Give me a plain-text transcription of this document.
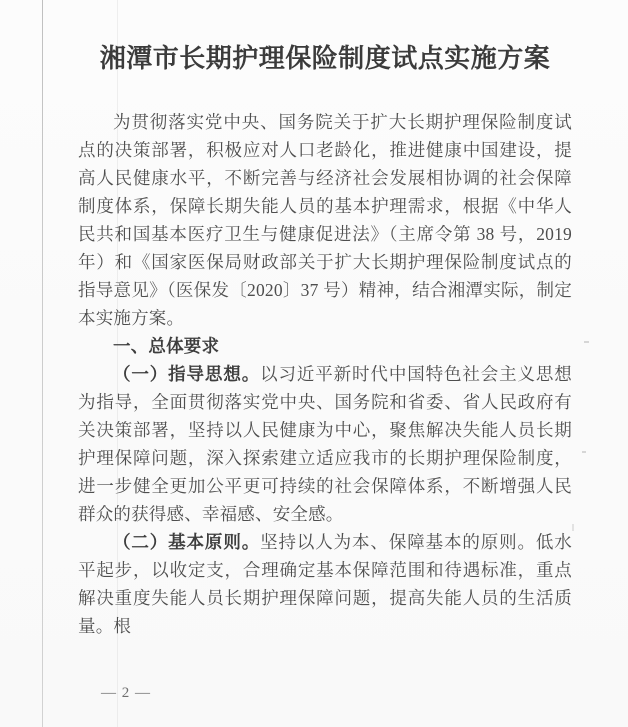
湘潭市长期护理保险制度试点实施方案

为贯彻落实党中央、国务院关于扩大长期护理保险制度试点的决策部署，积极应对人口老龄化，推进健康中国建设，提高人民健康水平，不断完善与经济社会发展相协调的社会保障制度体系，保障长期失能人员的基本护理需求，根据《中华人民共和国基本医疗卫生与健康促进法》（主席令第 38 号，2019 年）和《国家医保局财政部关于扩大长期护理保险制度试点的指导意见》（医保发〔2020〕37 号）精神，结合湘潭实际，制定本实施方案。

一、总体要求

（一）指导思想。以习近平新时代中国特色社会主义思想为指导，全面贯彻落实党中央、国务院和省委、省人民政府有关决策部署，坚持以人民健康为中心，聚焦解决失能人员长期护理保障问题，深入探索建立适应我市的长期护理保险制度，进一步健全更加公平更可持续的社会保障体系，不断增强人民群众的获得感、幸福感、安全感。

（二）基本原则。坚持以人为本、保障基本的原则。低水平起步，以收定支，合理确定基本保障范围和待遇标准，重点解决重度失能人员长期护理保障问题，提高失能人员的生活质量。根

— 2 —
